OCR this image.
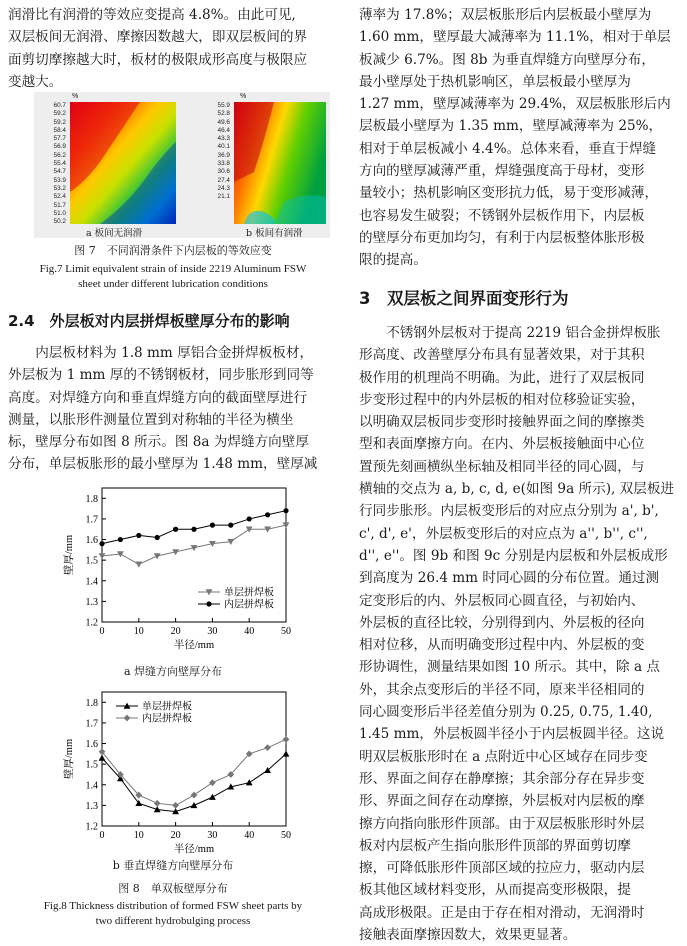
润滑比有润滑的等效应变提高 4.8%。由此可见,

双层板间无润滑、摩擦因数越大，即双层板间的界

面剪切摩擦越大时，板材的极限成形高度与极限应

变越大。

%
60.7
59.2
59.2
58.4
57.7
56.9
56.2
55.4
54.7
53.9
53.2
52.4
51.7
51.0
50.2
a 板间无润滑
%
55.9
52.8
49.6
46.4
43.3
40.1
36.9
33.8
30.6
27.4
24.3
21.1
b 板间有润滑

图 7　不同润滑条件下内层板的等效应变

Fig.7 Limit equivalent strain of inside 2219 Aluminum FSW
sheet under different lubrication conditions

2.4　外层板对内层拼焊板壁厚分布的影响

内层板材料为 1.8 mm 厚铝合金拼焊板板材，

外层板为 1 mm 厚的不锈钢板材，同步胀形到同等

高度。对焊缝方向和垂直焊缝方向的截面壁厚进行

测量，以胀形件测量位置到对称轴的半径为横坐

标，壁厚分布如图 8 所示。图 8a 为焊缝方向壁厚

分布，单层板胀形的最小壁厚为 1.48 mm，壁厚减

1.2
1.3
1.4
1.5
1.6
1.7
1.8
0	10	20	30	40	50
半径/mm
壁厚/mm
单层拼焊板
内层拼焊板
a 焊缝方向壁厚分布
1.2
1.3
1.4
1.5
1.6
1.7
1.8
0	10	20	30	40	50
半径/mm
壁厚/mm
单层拼焊板
内层拼焊板
b 垂直焊缝方向壁厚分布

图 8　单双板壁厚分布

Fig.8 Thickness distribution of formed FSW sheet parts by
two different hydrobulging process

薄率为 17.8%；双层板胀形后内层板最小壁厚为

1.60 mm，壁厚最大减薄率为 11.1%，相对于单层

板减少 6.7%。图 8b 为垂直焊缝方向壁厚分布，

最小壁厚处于热机影响区，单层板最小壁厚为

1.27 mm，壁厚减薄率为 29.4%，双层板胀形后内

层板最小壁厚为 1.35 mm，壁厚减薄率为 25%，

相对于单层板减小 4.4%。总体来看，垂直于焊缝

方向的壁厚减薄严重，焊缝强度高于母材，变形

量较小；热机影响区变形抗力低，易于变形减薄，

也容易发生破裂；不锈钢外层板作用下，内层板

的壁厚分布更加均匀，有利于内层板整体胀形极

限的提高。

3　双层板之间界面变形行为

不锈钢外层板对于提高 2219 铝合金拼焊板胀

形高度、改善壁厚分布具有显著效果，对于其积

极作用的机理尚不明确。为此，进行了双层板同

步变形过程中的内外层板的相对位移验证实验，

以明确双层板同步变形时接触界面之间的摩擦类

型和表面摩擦方向。在内、外层板接触面中心位

置预先刻画横纵坐标轴及相同半径的同心圆，与

横轴的交点为 a, b, c, d, e(如图 9a 所示), 双层板进

行同步胀形。内层板变形后的对应点分别为 a', b',

c', d', e'，外层板变形后的对应点为 a'', b'', c'',

d'', e''。图 9b 和图 9c 分别是内层板和外层板成形

到高度为 26.4 mm 时同心圆的分布位置。通过测

定变形后的内、外层板同心圆直径，与初始内、

外层板的直径比较，分别得到内、外层板的径向

相对位移，从而明确变形过程中内、外层板的变

形协调性，测量结果如图 10 所示。其中，除 a 点

外，其余点变形后的半径不同，原来半径相同的

同心圆变形后半径差值分别为 0.25, 0.75, 1.40,

1.45 mm，外层板圆半径小于内层板圆半径。这说

明双层板胀形时在 a 点附近中心区域存在同步变

形、界面之间存在静摩擦；其余部分存在异步变

形、界面之间存在动摩擦，外层板对内层板的摩

擦方向指向胀形件顶部。由于双层板胀形时外层

板对内层板产生指向胀形件顶部的界面剪切摩

擦，可降低胀形件顶部区域的拉应力，驱动内层

板其他区域材料变形，从而提高变形极限，提

高成形极限。正是由于存在相对滑动，无润滑时

接触表面摩擦因数大，效果更显著。
